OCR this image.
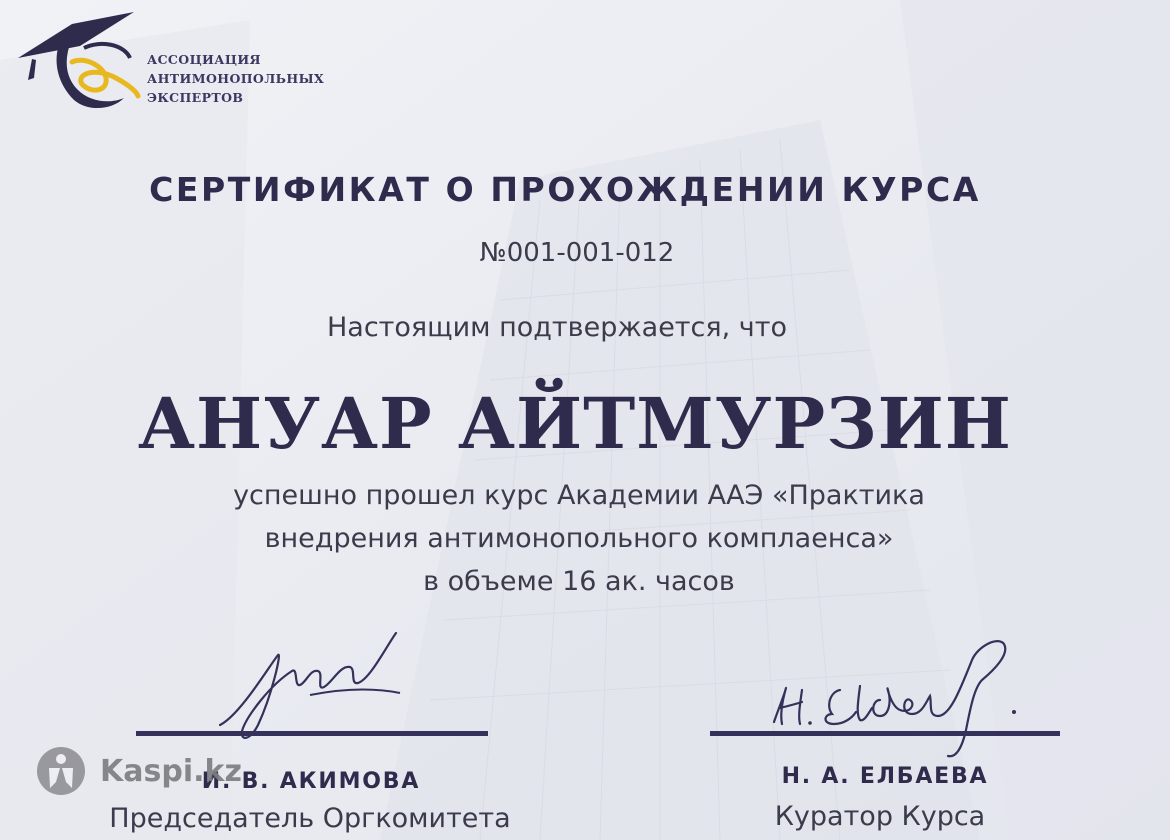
АССОЦИАЦИЯ
АНТИМОНОПОЛЬНЫХ
ЭКСПЕРТОВ
СЕРТИФИКАТ О ПРОХОЖДЕНИИ КУРСА
№001-001-012
Настоящим подтвержается, что
АНУАР АЙТМУРЗИН
успешно прошел курс Академии ААЭ «Практика
внедрения антимонопольного комплаенса»
в объеме 16 ак. часов
И. В. АКИМОВА
Председатель Оргкомитета
Н. А. ЕЛБАЕВА
Куратор Курса
Kaspi.kz
